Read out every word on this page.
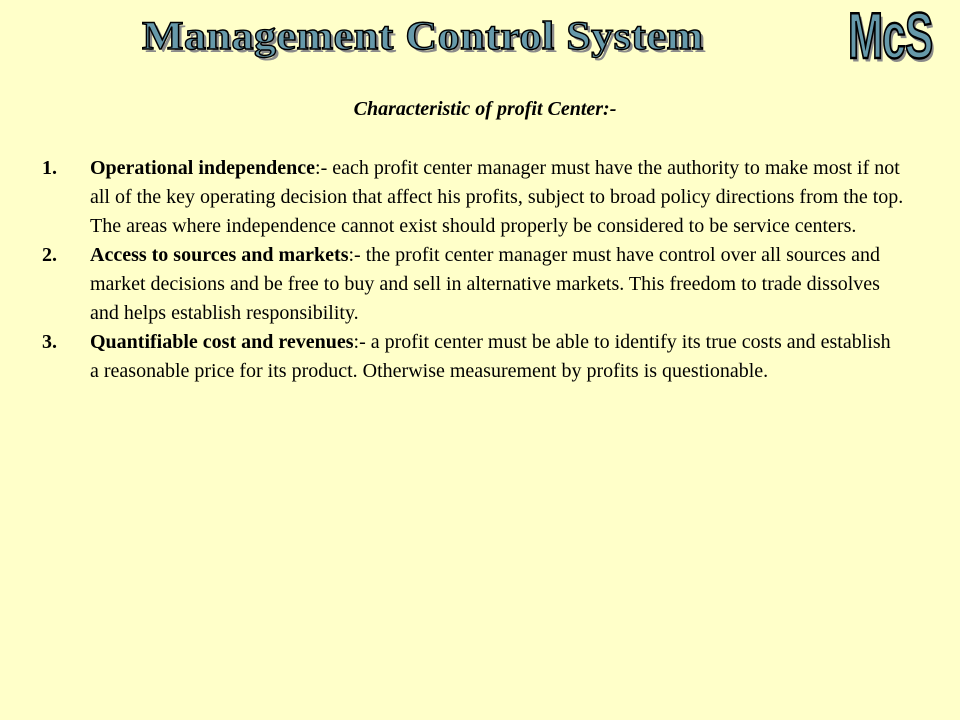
Management Control System	McS
Characteristic of profit Center:-
1. Operational independence:- each profit center manager must have the authority to make most if not all of the key operating decision that affect his profits, subject to broad policy directions from the top. The areas where independence cannot exist should properly be considered to be service centers.
2. Access to sources and markets:- the profit center manager must have control over all sources and market decisions and be free to buy and sell in alternative markets. This freedom to trade dissolves and helps establish responsibility.
3. Quantifiable cost and revenues:- a profit center must be able to identify its true costs and establish a reasonable price for its product. Otherwise measurement by profits is questionable.
